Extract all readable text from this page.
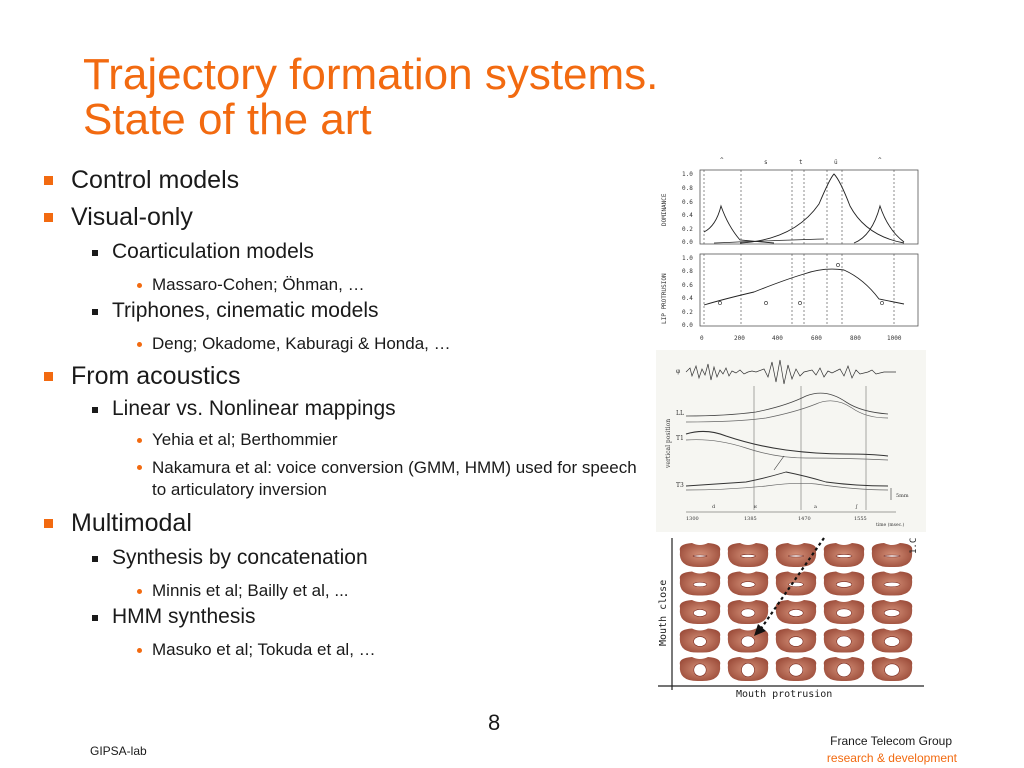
Trajectory formation systems.
State of the art
Control models
Visual-only
Coarticulation models
Massaro-Cohen; Öhman, …
Triphones, cinematic models
Deng; Okadome, Kaburagi & Honda, …
From acoustics
Linear vs. Nonlinear mappings
Yehia et al; Berthommier
Nakamura et al: voice conversion (GMM, HMM) used for speech to articulatory inversion
Multimodal
Synthesis by concatenation
Minnis et al; Bailly et al, ...
HMM synthesis
Masuko et al; Tokuda et al, …
^	s	t	ü	^
DOMINANCE
1.0
0.8
0.6
0.4
0.2
0.0
LIP PROTRUSION
1.0
0.8
0.6
0.4
0.2
0.0
0	200	400	600	800	1000
φ
vertical position
LL
T1
T3
5mm
d	ʁ	a	ʃ
1300	1385	1470	1555
time (msec.)
Mouth close
Mouth protrusion
1.C
8
GIPSA-lab
France Telecom Group
research & development
